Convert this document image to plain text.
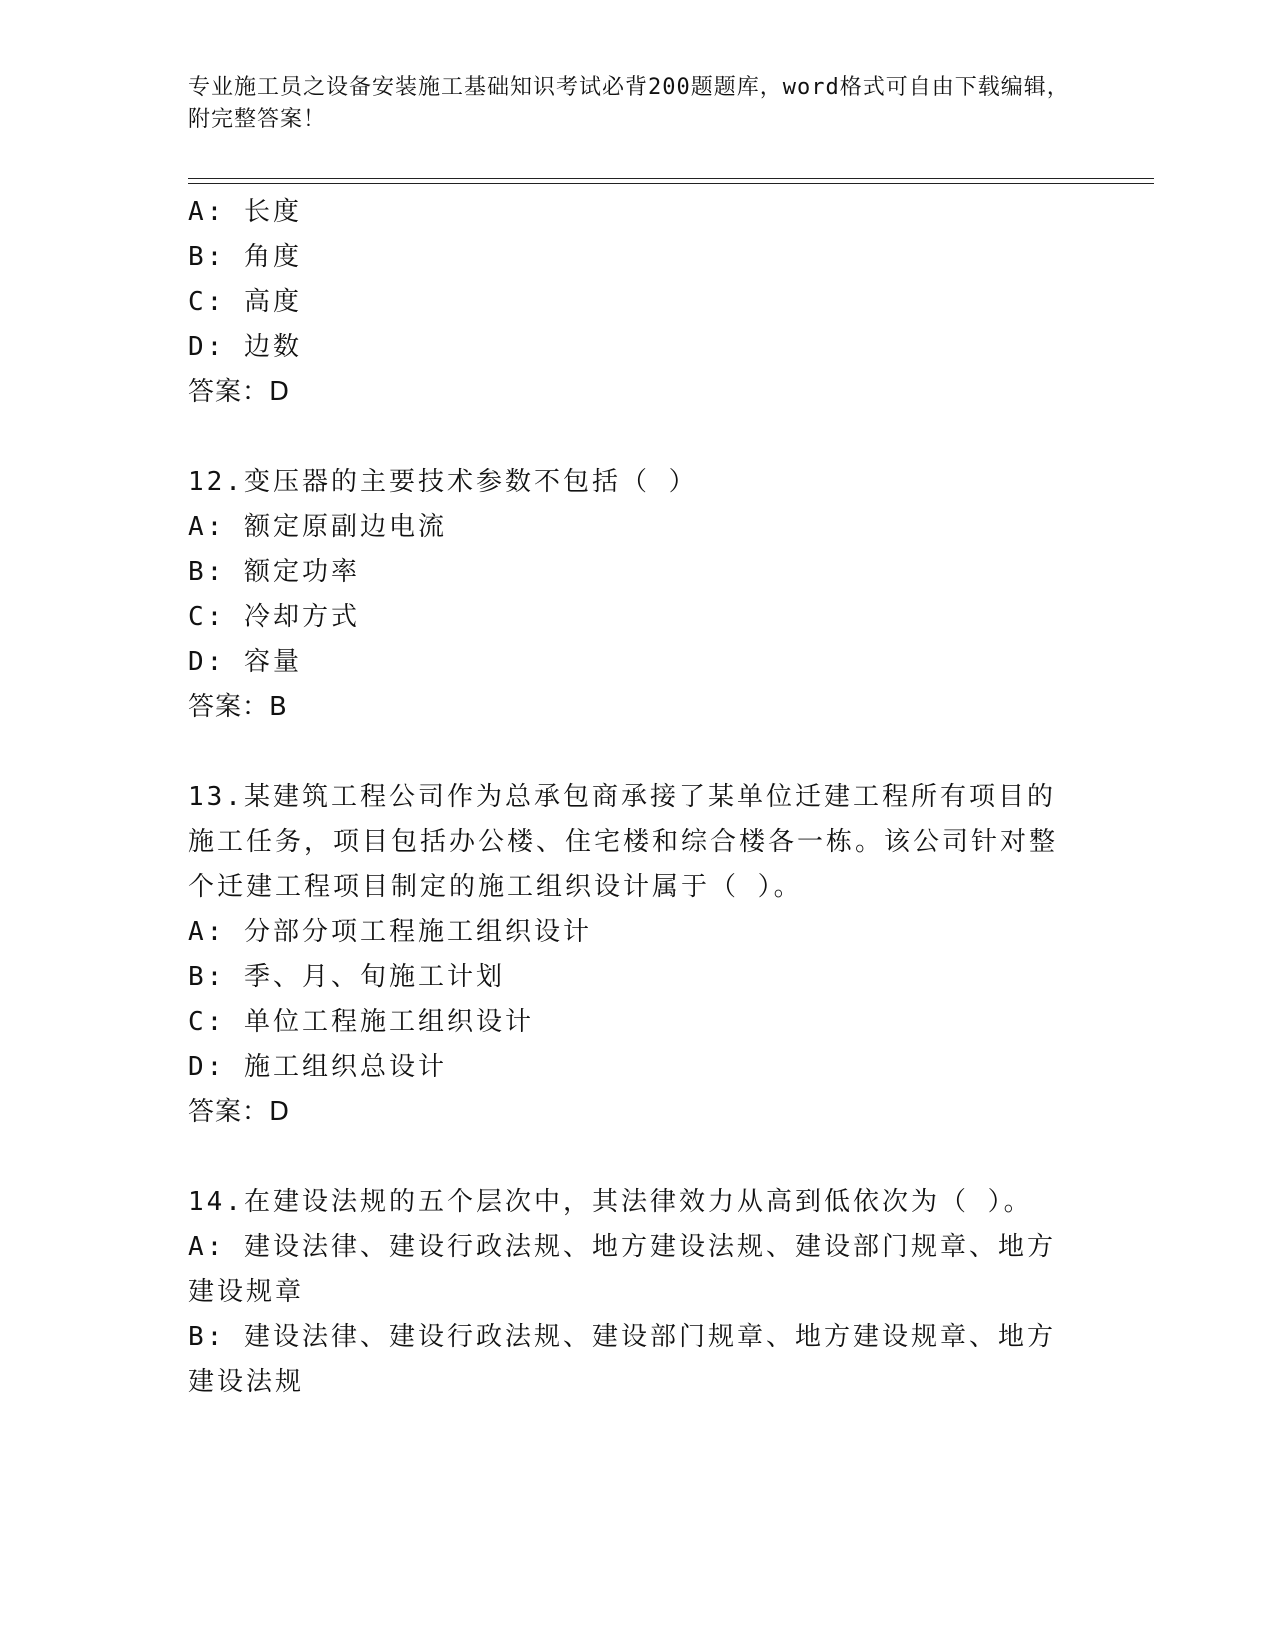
专业施工员之设备安装施工基础知识考试必背200题题库，word格式可自由下载编辑，附完整答案！
A: 长度
B: 角度
C: 高度
D: 边数
答案：D
12.变压器的主要技术参数不包括（ ）
A: 额定原副边电流
B: 额定功率
C: 冷却方式
D: 容量
答案：B
13.某建筑工程公司作为总承包商承接了某单位迁建工程所有项目的施工任务，项目包括办公楼、住宅楼和综合楼各一栋。该公司针对整个迁建工程项目制定的施工组织设计属于（ ）。
A: 分部分项工程施工组织设计
B: 季、月、旬施工计划
C: 单位工程施工组织设计
D: 施工组织总设计
答案：D
14.在建设法规的五个层次中，其法律效力从高到低依次为（ ）。
A: 建设法律、建设行政法规、地方建设法规、建设部门规章、地方建设规章
B: 建设法律、建设行政法规、建设部门规章、地方建设规章、地方建设法规
